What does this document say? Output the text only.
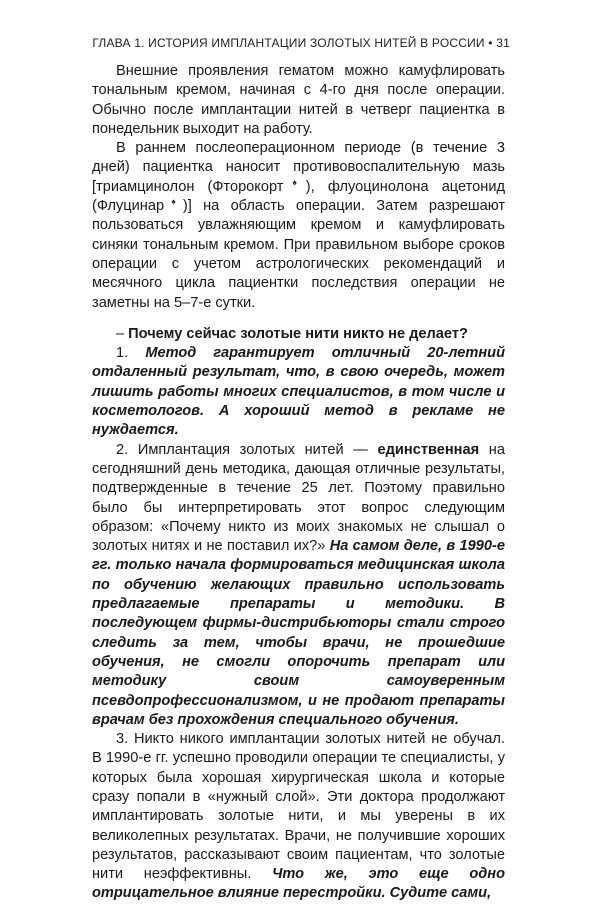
ГЛАВА 1. ИСТОРИЯ ИМПЛАНТАЦИИ ЗОЛОТЫХ НИТЕЙ В РОССИИ • 31

Внешние проявления гематом можно камуфлировать тональным кремом, начиная с 4-го дня после операции. Обычно после имплантации нитей в четверг пациентка в понедельник выходит на работу.

В раннем послеоперационном периоде (в течение 3 дней) пациентка наносит противовоспалительную мазь [триамцинолон (Фторокорт♠), флуоцинолона ацетонид (Флуцинар♠)] на область операции. Затем разрешают пользоваться увлажняющим кремом и камуфлировать синяки тональным кремом. При правильном выборе сроков операции с учетом астрологических рекомендаций и месячного цикла пациентки последствия операции не заметны на 5–7-е сутки.

– Почему сейчас золотые нити никто не делает?

1. Метод гарантирует отличный 20-летний отдаленный результат, что, в свою очередь, может лишить работы многих специалистов, в том числе и косметологов. А хороший метод в рекламе не нуждается.

2. Имплантация золотых нитей — единственная на сегодняшний день методика, дающая отличные результаты, подтвержденные в течение 25 лет. Поэтому правильно было бы интерпретировать этот вопрос следующим образом: «Почему никто из моих знакомых не слышал о золотых нитях и не поставил их?» На самом деле, в 1990-е гг. только начала формироваться медицинская школа по обучению желающих правильно использовать предлагаемые препараты и методики. В последующем фирмы-дистрибьюторы стали строго следить за тем, чтобы врачи, не прошедшие обучения, не смогли опорочить препарат или методику своим самоуверенным псевдопрофессионализмом, и не продают препараты врачам без прохождения специального обучения.

3. Никто никого имплантации золотых нитей не обучал. В 1990-е гг. успешно проводили операции те специалисты, у которых была хорошая хирургическая школа и которые сразу попали в «нужный слой». Эти доктора продолжают имплантировать золотые нити, и мы уверены в их великолепных результатах. Врачи, не получившие хороших результатов, рассказывают своим пациентам, что золотые нити неэффективны. Что же, это еще одно отрицательное влияние перестройки. Судите сами,
